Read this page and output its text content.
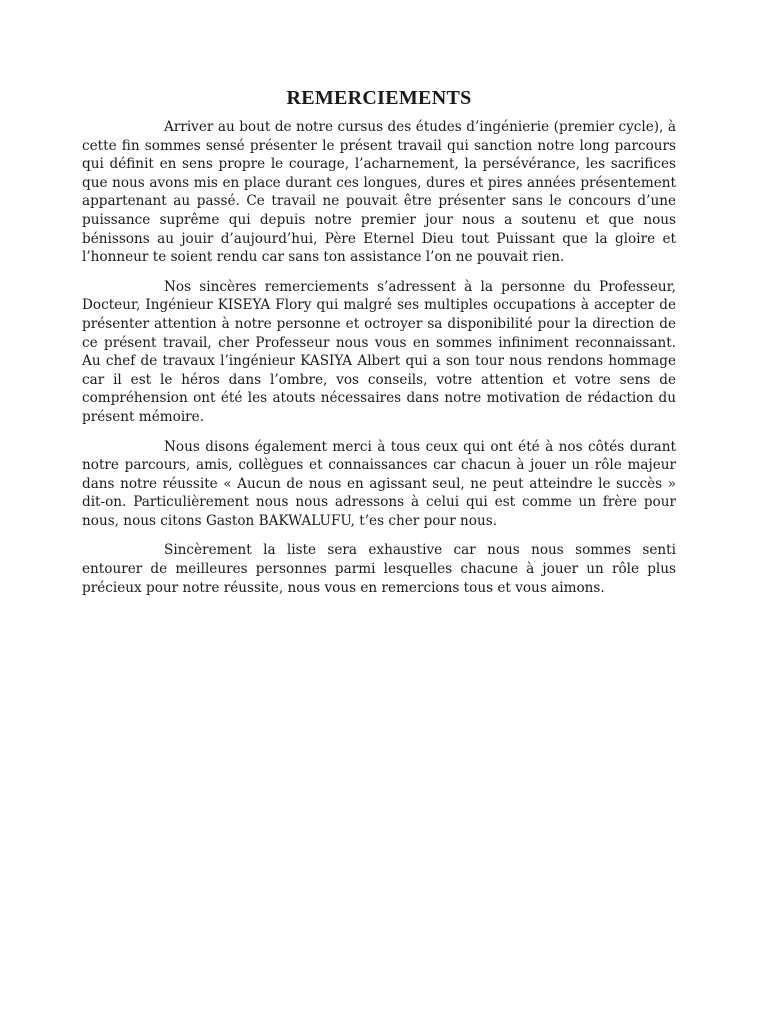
REMERCIEMENTS

Arriver au bout de notre cursus des études d’ingénierie (premier cycle), à cette fin sommes sensé présenter le présent travail qui sanction notre long parcours qui définit en sens propre le courage, l’acharnement, la persévérance, les sacrifices que nous avons mis en place durant ces longues, dures et pires années présentement appartenant au passé. Ce travail ne pouvait être présenter sans le concours d’une puissance suprême qui depuis notre premier jour nous a soutenu et que nous bénissons au jouir d’aujourd’hui, Père Eternel Dieu tout Puissant que la gloire et l’honneur te soient rendu car sans ton assistance l’on ne pouvait rien.

Nos sincères remerciements s’adressent à la personne du Professeur, Docteur, Ingénieur KISEYA Flory qui malgré ses multiples occupations à accepter de présenter attention à notre personne et octroyer sa disponibilité pour la direction de ce présent travail, cher Professeur nous vous en sommes infiniment reconnaissant. Au chef de travaux l’ingénieur KASIYA Albert qui a son tour nous rendons hommage car il est le héros dans l’ombre, vos conseils, votre attention et votre sens de compréhension ont été les atouts nécessaires dans notre motivation de rédaction du présent mémoire.

Nous disons également merci à tous ceux qui ont été à nos côtés durant notre parcours, amis, collègues et connaissances car chacun à jouer un rôle majeur dans notre réussite « Aucun de nous en agissant seul, ne peut atteindre le succès » dit-on. Particulièrement nous nous adressons à celui qui est comme un frère pour nous, nous citons Gaston BAKWALUFU, t’es cher pour nous.

Sincèrement la liste sera exhaustive car nous nous sommes senti entourer de meilleures personnes parmi lesquelles chacune à jouer un rôle plus précieux pour notre réussite, nous vous en remercions tous et vous aimons.
